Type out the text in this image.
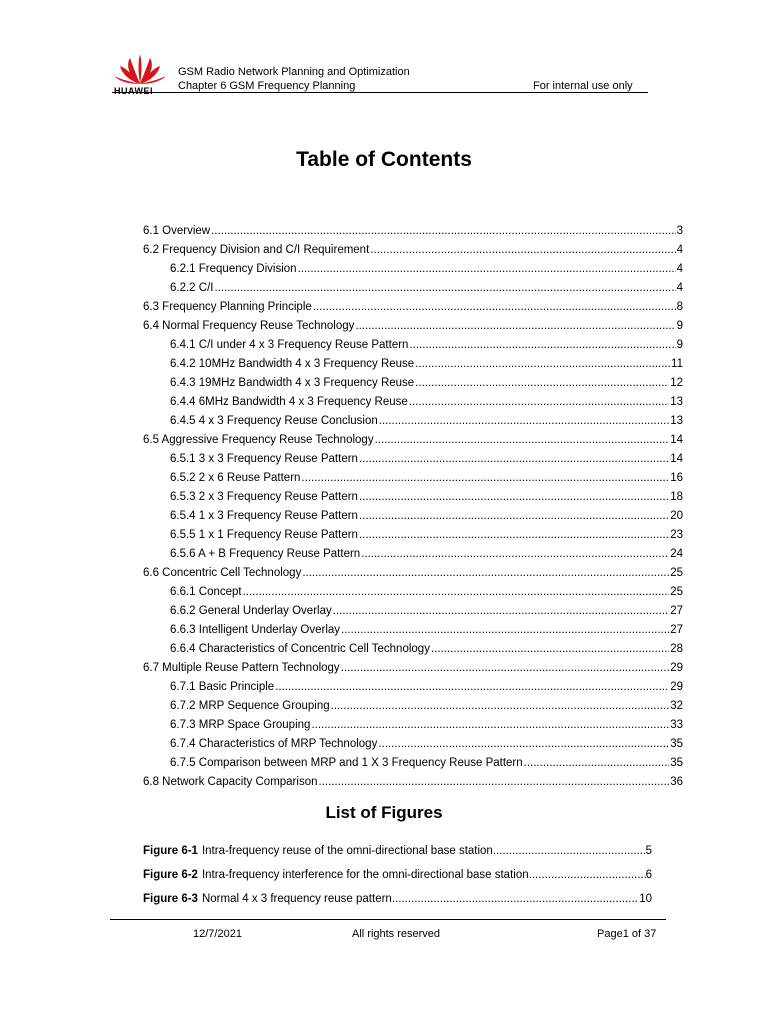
HUAWEI
GSM Radio Network Planning and Optimization
Chapter 6 GSM Frequency Planning	For internal use only
Table of Contents
6.1 Overview .....	3
6.2 Frequency Division and C/I Requirement .....	4
6.2.1 Frequency Division .....	4
6.2.2 C/I .....	4
6.3 Frequency Planning Principle .....	8
6.4 Normal Frequency Reuse Technology .....	9
6.4.1 C/I under 4 x 3 Frequency Reuse Pattern .....	9
6.4.2 10MHz Bandwidth 4 x 3 Frequency Reuse .....	11
6.4.3 19MHz Bandwidth 4 x 3 Frequency Reuse .....	12
6.4.4 6MHz Bandwidth 4 x 3 Frequency Reuse .....	13
6.4.5 4 x 3 Frequency Reuse Conclusion .....	13
6.5 Aggressive Frequency Reuse Technology .....	14
6.5.1 3 x 3 Frequency Reuse Pattern .....	14
6.5.2 2 x 6 Reuse Pattern .....	16
6.5.3 2 x 3 Frequency Reuse Pattern .....	18
6.5.4 1 x 3 Frequency Reuse Pattern .....	20
6.5.5 1 x 1 Frequency Reuse Pattern .....	23
6.5.6 A + B Frequency Reuse Pattern .....	24
6.6 Concentric Cell Technology .....	25
6.6.1 Concept .....	25
6.6.2 General Underlay Overlay .....	27
6.6.3 Intelligent Underlay Overlay .....	27
6.6.4 Characteristics of Concentric Cell Technology .....	28
6.7 Multiple Reuse Pattern Technology .....	29
6.7.1 Basic Principle .....	29
6.7.2 MRP Sequence Grouping .....	32
6.7.3 MRP Space Grouping .....	33
6.7.4 Characteristics of MRP Technology .....	35
6.7.5 Comparison between MRP and 1 X 3 Frequency Reuse Pattern .....	35
6.8 Network Capacity Comparison .....	36
List of Figures
Figure 6-1 Intra-frequency reuse of the omni-directional base station .....	5
Figure 6-2 Intra-frequency interference for the omni-directional base station .....	6
Figure 6-3 Normal 4 x 3 frequency reuse pattern .....	10
12/7/2021	All rights reserved	Page1 of 37
